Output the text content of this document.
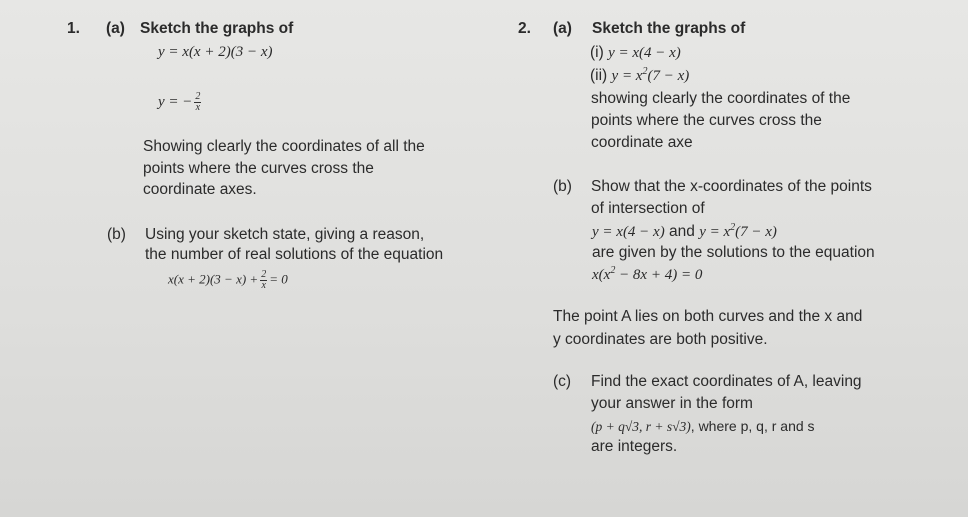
1. (a) Sketch the graphs of
y = x(x + 2)(3 − x)
y = − $\frac{2}{x}$
Showing clearly the coordinates of all the
points where the curves cross the
coordinate axes.
(b) Using your sketch state, giving a reason,
the number of real solutions of the equation
$x(x + 2)(3 - x) + \frac{2}{x} = 0$
2. (a) Sketch the graphs of
(i) y = x(4 − x)
(ii) $y = x^2(7 - x)$
showing clearly the coordinates of the
points where the curves cross the
coordinate axe
(b) Show that the x-coordinates of the points
of intersection of
y = x(4 − x) and $y = x^2(7 - x)$
are given by the solutions to the equation
$x(x^2 - 8x + 4) = 0$
The point A lies on both curves and the x and
y coordinates are both positive.
(c) Find the exact coordinates of A, leaving
your answer in the form
(p + q√3, r + s√3), where p, q, r and s
are integers.
